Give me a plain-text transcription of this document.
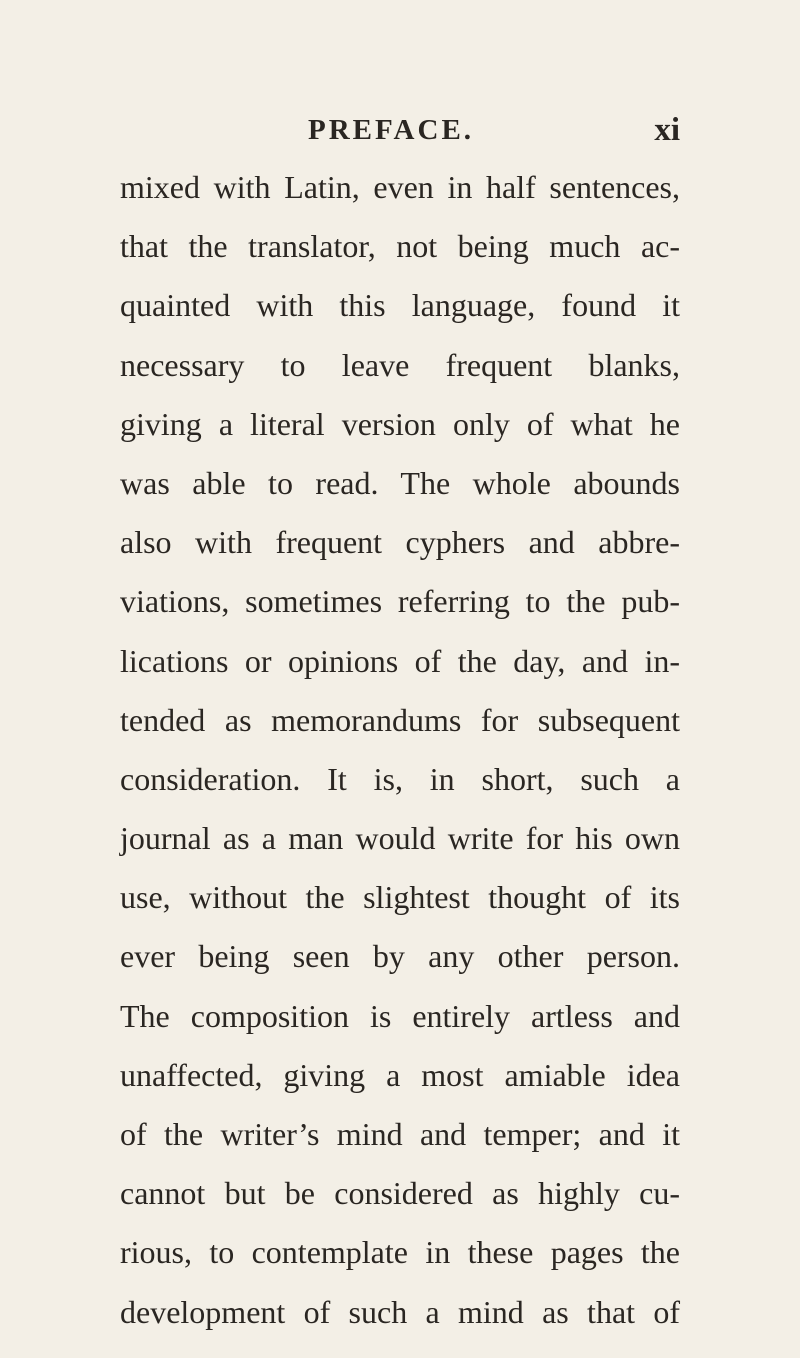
PREFACE.	xi
mixed with Latin, even in half sentences,
that the translator, not being much ac-
quainted with this language, found it
necessary to leave frequent blanks,
giving a literal version only of what he
was able to read. The whole abounds
also with frequent cyphers and abbre-
viations, sometimes referring to the pub-
lications or opinions of the day, and in-
tended as memorandums for subsequent
consideration. It is, in short, such a
journal as a man would write for his own
use, without the slightest thought of its
ever being seen by any other person.
The composition is entirely artless and
unaffected, giving a most amiable idea
of the writer’s mind and temper; and it
cannot but be considered as highly cu-
rious, to contemplate in these pages the
development of such a mind as that of
